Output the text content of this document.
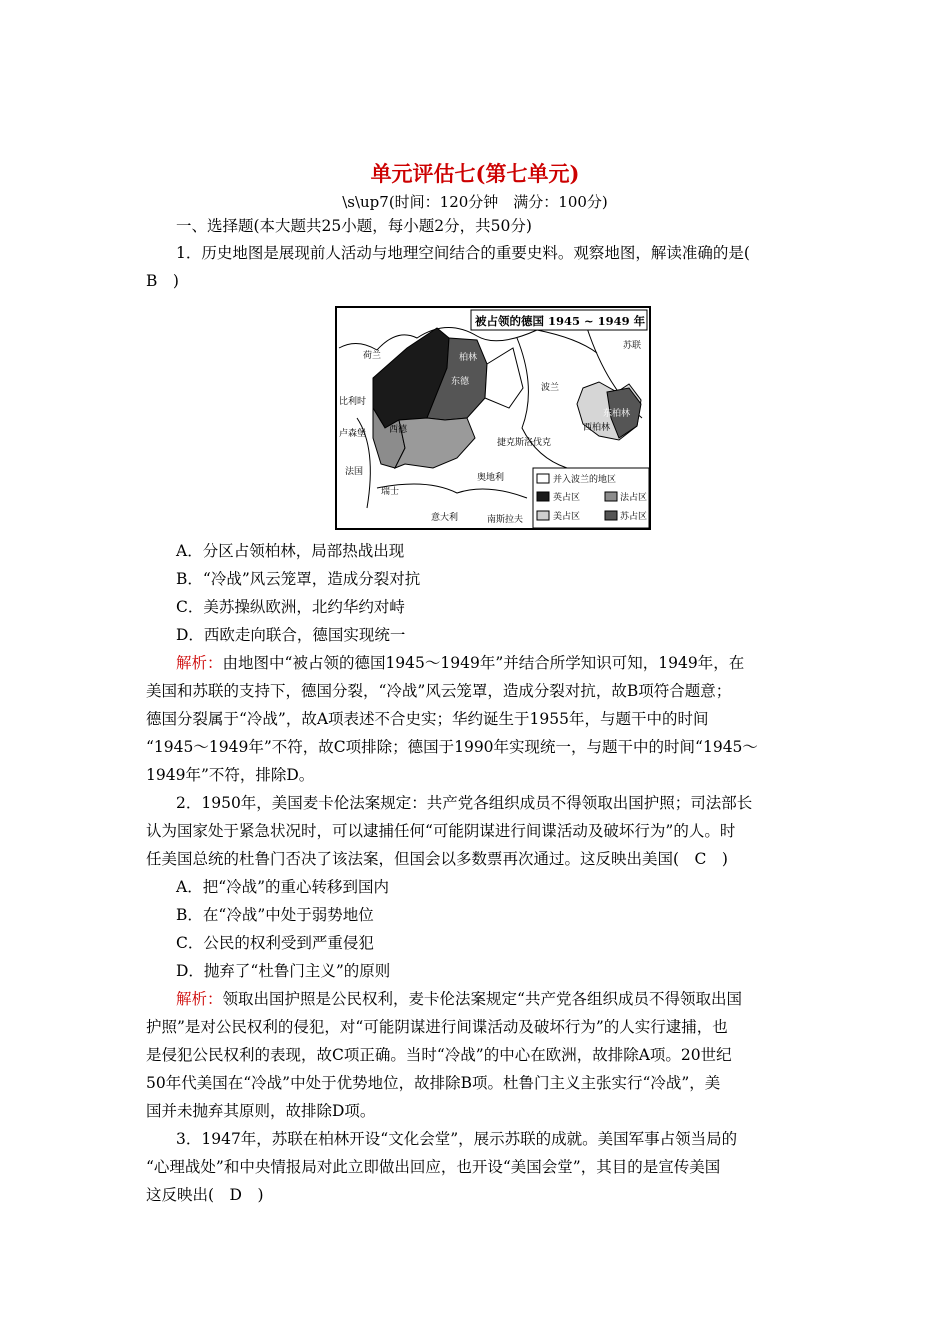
单元评估七(第七单元)
\s\up7(时间：120分钟　满分：100分)
一、选择题(本大题共25小题，每小题2分，共50分)
1．历史地图是展现前人活动与地理空间结合的重要史料。观察地图，解读准确的是(
B　)
被占领的德国 1945 ~ 1949 年
荷兰
比利时
卢森堡
法国
瑞士
意大利
奥地利
南斯拉夫
捷克斯洛伐克
波兰
苏联
柏林
东德
西德
东柏林
西柏林
并入波兰的地区
英占区	法占区
美占区	苏占区
A．分区占领柏林，局部热战出现
B．“冷战”风云笼罩，造成分裂对抗
C．美苏操纵欧洲，北约华约对峙
D．西欧走向联合，德国实现统一
解析：由地图中“被占领的德国1945～1949年”并结合所学知识可知，1949年，在
美国和苏联的支持下，德国分裂，“冷战”风云笼罩，造成分裂对抗，故B项符合题意；
德国分裂属于“冷战”，故A项表述不合史实；华约诞生于1955年，与题干中的时间
“1945～1949年”不符，故C项排除；德国于1990年实现统一，与题干中的时间“1945～
1949年”不符，排除D。
2．1950年，美国麦卡伦法案规定：共产党各组织成员不得领取出国护照；司法部长
认为国家处于紧急状况时，可以逮捕任何“可能阴谋进行间谍活动及破坏行为”的人。时
任美国总统的杜鲁门否决了该法案，但国会以多数票再次通过。这反映出美国(　C　)
A．把“冷战”的重心转移到国内
B．在“冷战”中处于弱势地位
C．公民的权利受到严重侵犯
D．抛弃了“杜鲁门主义”的原则
解析：领取出国护照是公民权利，麦卡伦法案规定“共产党各组织成员不得领取出国
护照”是对公民权利的侵犯，对“可能阴谋进行间谍活动及破坏行为”的人实行逮捕，也
是侵犯公民权利的表现，故C项正确。当时“冷战”的中心在欧洲，故排除A项。20世纪
50年代美国在“冷战”中处于优势地位，故排除B项。杜鲁门主义主张实行“冷战”，美
国并未抛弃其原则，故排除D项。
3．1947年，苏联在柏林开设“文化会堂”，展示苏联的成就。美国军事占领当局的
“心理战处”和中央情报局对此立即做出回应，也开设“美国会堂”，其目的是宣传美国
这反映出(　D　)
